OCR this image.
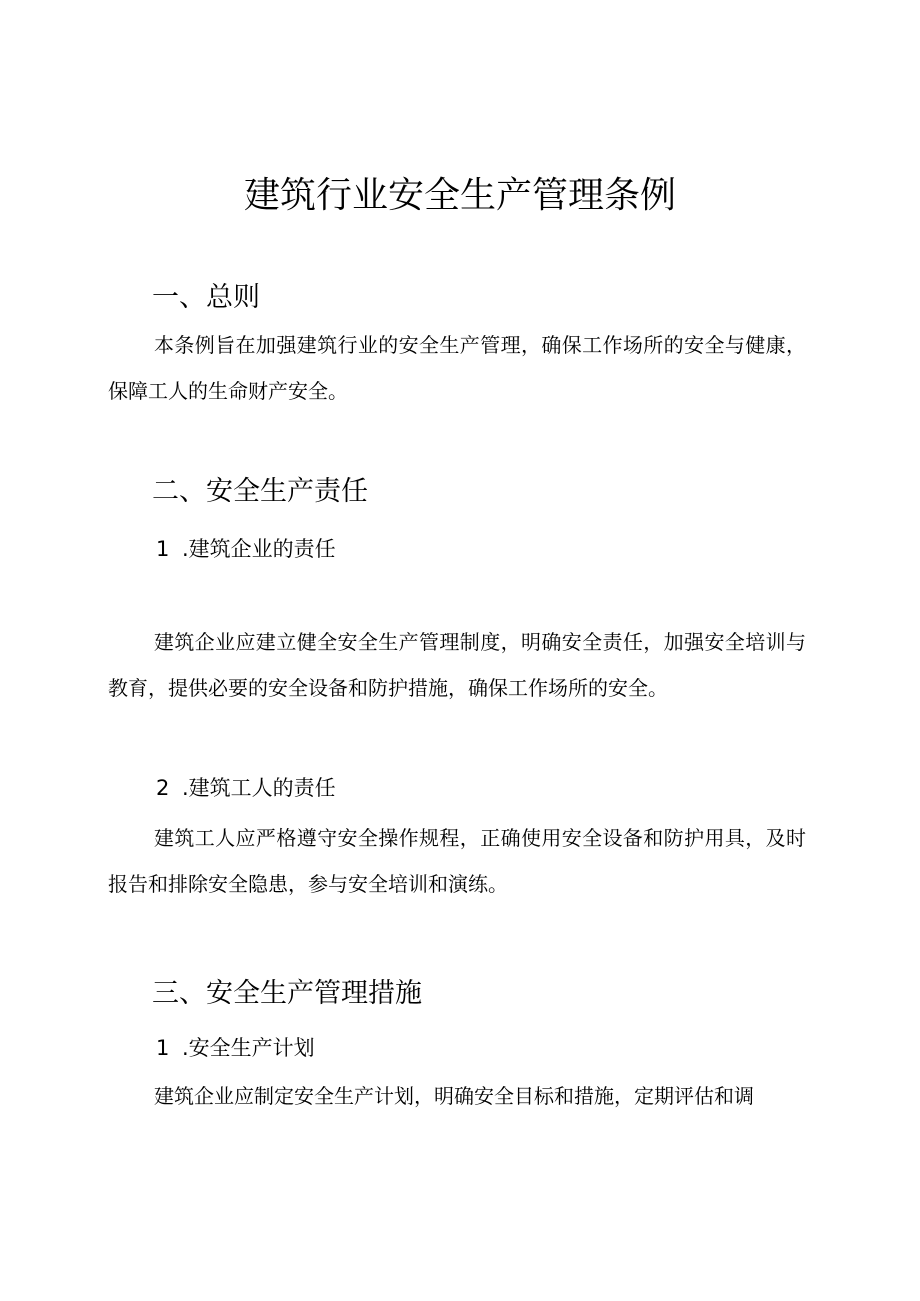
建筑行业安全生产管理条例
一、总则

本条例旨在加强建筑行业的安全生产管理，确保工作场所的安全与健康，保障工人的生命财产安全。

二、安全生产责任
1 .建筑企业的责任

建筑企业应建立健全安全生产管理制度，明确安全责任，加强安全培训与教育，提供必要的安全设备和防护措施，确保工作场所的安全。

2 .建筑工人的责任

建筑工人应严格遵守安全操作规程，正确使用安全设备和防护用具，及时报告和排除安全隐患，参与安全培训和演练。

三、安全生产管理措施
1 .安全生产计划

建筑企业应制定安全生产计划，明确安全目标和措施，定期评估和调
